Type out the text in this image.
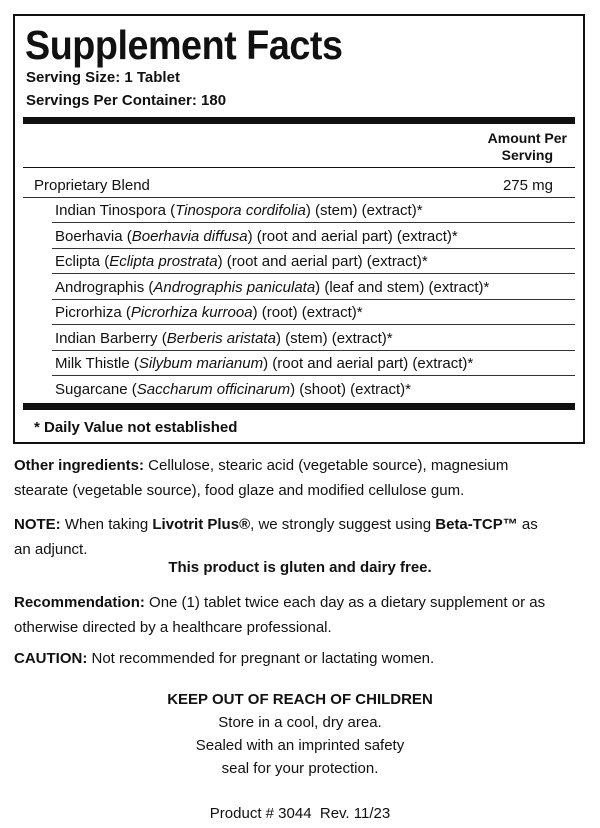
Supplement Facts
Serving Size: 1 Tablet
Servings Per Container: 180
Amount Per
Serving
Proprietary Blend	275 mg
Indian Tinospora (Tinospora cordifolia) (stem) (extract)*
Boerhavia (Boerhavia diffusa) (root and aerial part) (extract)*
Eclipta (Eclipta prostrata) (root and aerial part) (extract)*
Andrographis (Andrographis paniculata) (leaf and stem) (extract)*
Picrorhiza (Picrorhiza kurrooa) (root) (extract)*
Indian Barberry (Berberis aristata) (stem) (extract)*
Milk Thistle (Silybum marianum) (root and aerial part) (extract)*
Sugarcane (Saccharum officinarum) (shoot) (extract)*
* Daily Value not established
Other ingredients: Cellulose, stearic acid (vegetable source), magnesium
stearate (vegetable source), food glaze and modified cellulose gum.
NOTE: When taking Livotrit Plus®, we strongly suggest using Beta-TCP™ as
an adjunct.
This product is gluten and dairy free.
Recommendation: One (1) tablet twice each day as a dietary supplement or as
otherwise directed by a healthcare professional.
CAUTION: Not recommended for pregnant or lactating women.
KEEP OUT OF REACH OF CHILDREN
Store in a cool, dry area.
Sealed with an imprinted safety
seal for your protection.
Product # 3044  Rev. 11/23
